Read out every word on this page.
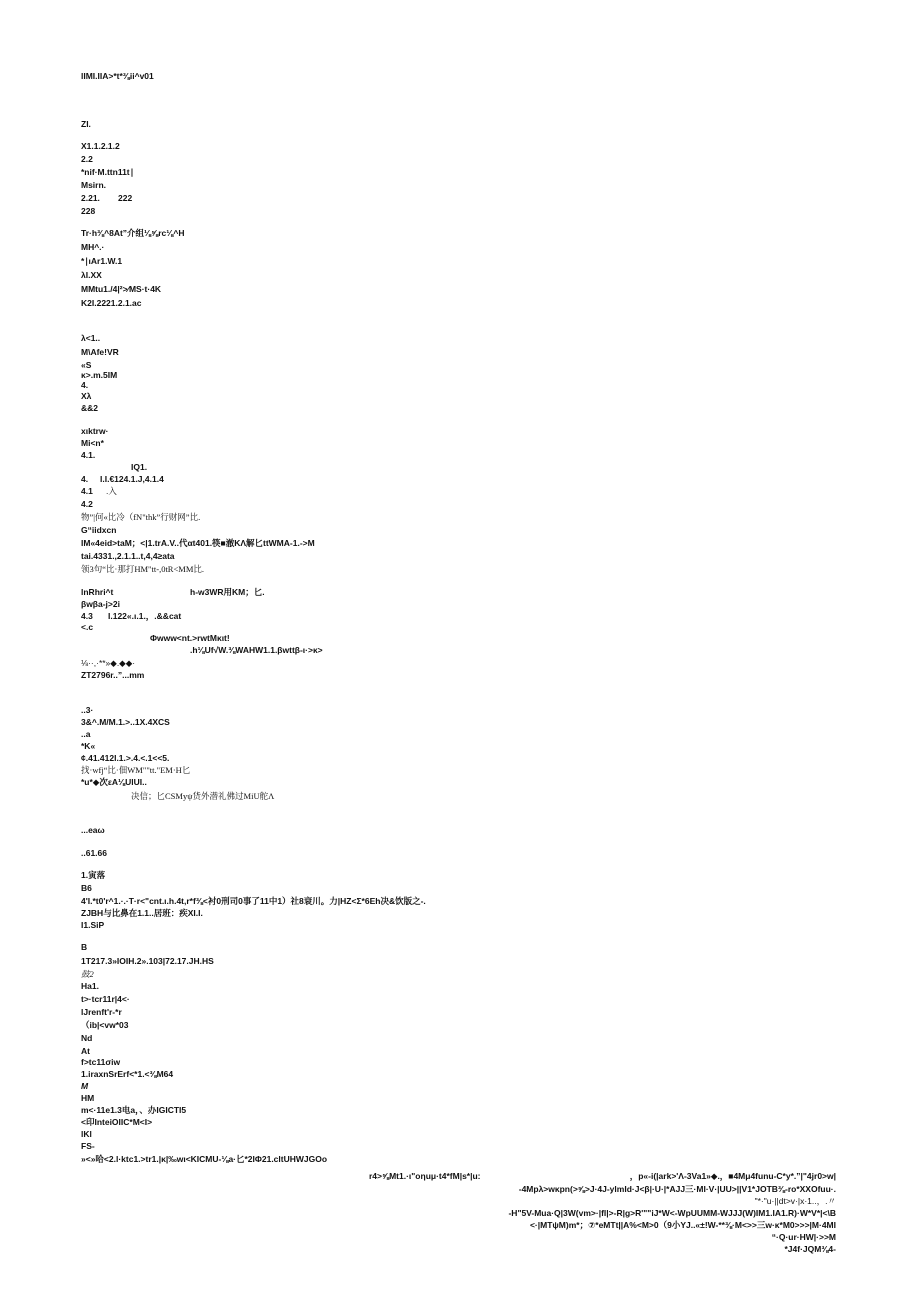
lIMI.IIA>*t*⅜ii^v01
ZI.
X1.1.2.1.2
2.2
*nif·M.ttn11t∣
Msirn.
2.21. 222
228
Tr·h⅜^8At”介组⅛⅝rc⅛^H
MH^.·
*∣ιAr1.W.1
λI.XX
MMtu1./4|²>∕MS·t·4K
K2I.2221.2.1.ac
λ<1..
M\Afe!VR
«S
κ>.m.5IM
4.
Xλ
&&2
xιktrw·
Mi<n*
4.1.
IQ1.
4. I.I.€124.1.J,4.1.4
4.1 .入
4.2
物”|何«比冷（fN"thk”行财网”比.
G“iidxcn
IM«4eid>taM；<|1.trA.V..代αt401.筷■澈KΛ解匕ttWMA-1.->M
tai.4331.,2.1.1..t,4,4≥ata
领3句“比·那打HM"tt-,0tR<MM比.
lnRhri^t	h-w3WR用KM；匕.
βwβa-j>2i
4.3 I.122«.ι.1.，.&&cat
<.c
Φwww<nt.>rwtMκιt!
.h⅛Uf√W.⅜WAHW1.1.βwttβ-ι·>κ>
⅛··,·**»◆.◆◆·
ZT2796r..”...mm
..3·
3&^.M/M.1.>..1X.4XCS
..a
*K«
¢.41.412I.1.>.4.<.1<<5.
找·wfj“比·佃WM""tt."EM·H匕
*u*◆次εA⅛UlUI..
决信；匕CSMyψ货外潜礼佛过MiU舵Λ
...eaω
..61.66
1.寅落
B6
4'I.*t0'r^1.·.·T·r<"cnt.ι.h.4t,r*f⅜<衬0刑司0事了11中1）社8衰川。力|HZ<Σ*6Eh决&饮版之-.
ZJBH与比鼻在1.1..居班：疾XI.I.
I1.SiP
B
1T217.3»IOIH.2».103|72.17.JH.HS
鼓2
Ha1.
t>·tcr11r|4<·
lJrenft'r-*r
（ib|<vw*03
Nd
At
f>tc11σiw
1.iraxnSrErf<*1.<⅜M64
M
HM
m<·11e1.3电a，、办IGICTI5
<印InteiOIIC*M<I>
lKl
FS-
»<»哈<2.l·ktc1.>tr1.|κ|‰wι<KICMU-⅛a·匕*2IΦ21.cltUHWJGOo
r4>⅝Mt1.·ι"oηuμ·t4*fM|s*|u:	，p«-i(|ark>'Λ-3Va1»◆.，■4Mμ4funu-C*y*.”|"4jr0>w|
-4Mpλ>wκpn(>⅝>J·4J-ylmId·J<β|·U·|*AJJ三·MI·V·|UU>||V1*JOTB⅜-ro*XXOfuu·.
"*·"u·||dt>v·|x·1..，.〃
-H"5V-Mua·Q|3W(vm>·|fl|>-R|g>R'""iJ*W<-WpUUMM-WJJJ(W)IM1.IA1.R)·W*V*|<\B
<·|MTψM)m*；⑦*eMTt||A%<M>0（9小YJ..«±!W-**⅜·M<>>三w·κ*M0>>>|M·4MI
“·Q·ur·HW|·>>M
*J4f·JQM⅜4-
